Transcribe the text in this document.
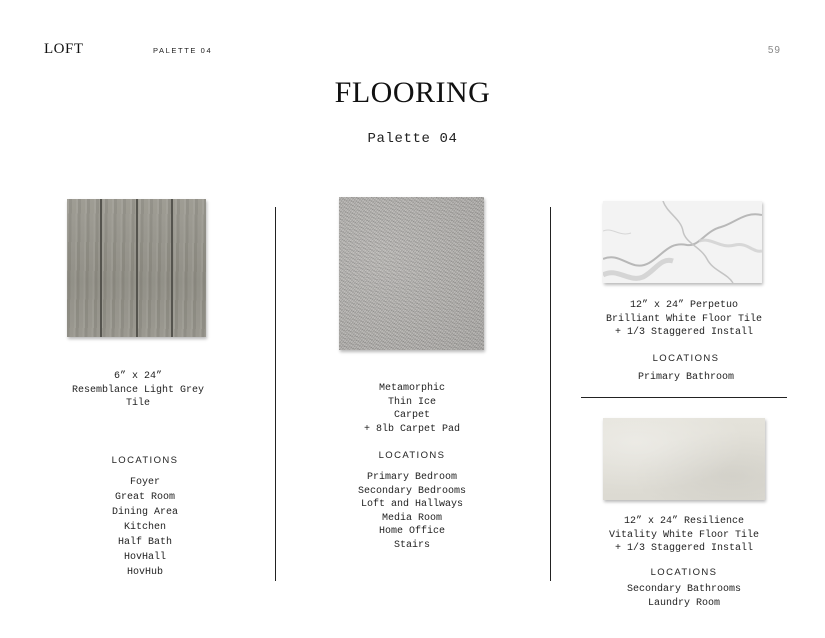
LOFT	PALETTE 04	59
FLOORING
Palette 04
6” x 24”
Resemblance Light Grey
Tile
LOCATIONS
Foyer
Great Room
Dining Area
Kitchen
Half Bath
HovHall
HovHub
Metamorphic
Thin Ice
Carpet
+ 8lb Carpet Pad
LOCATIONS
Primary Bedroom
Secondary Bedrooms
Loft and Hallways
Media Room
Home Office
Stairs
12” x 24” Perpetuo
Brilliant White Floor Tile
+ 1/3 Staggered Install
LOCATIONS
Primary Bathroom
12” x 24” Resilience
Vitality White Floor Tile
+ 1/3 Staggered Install
LOCATIONS
Secondary Bathrooms
Laundry Room
